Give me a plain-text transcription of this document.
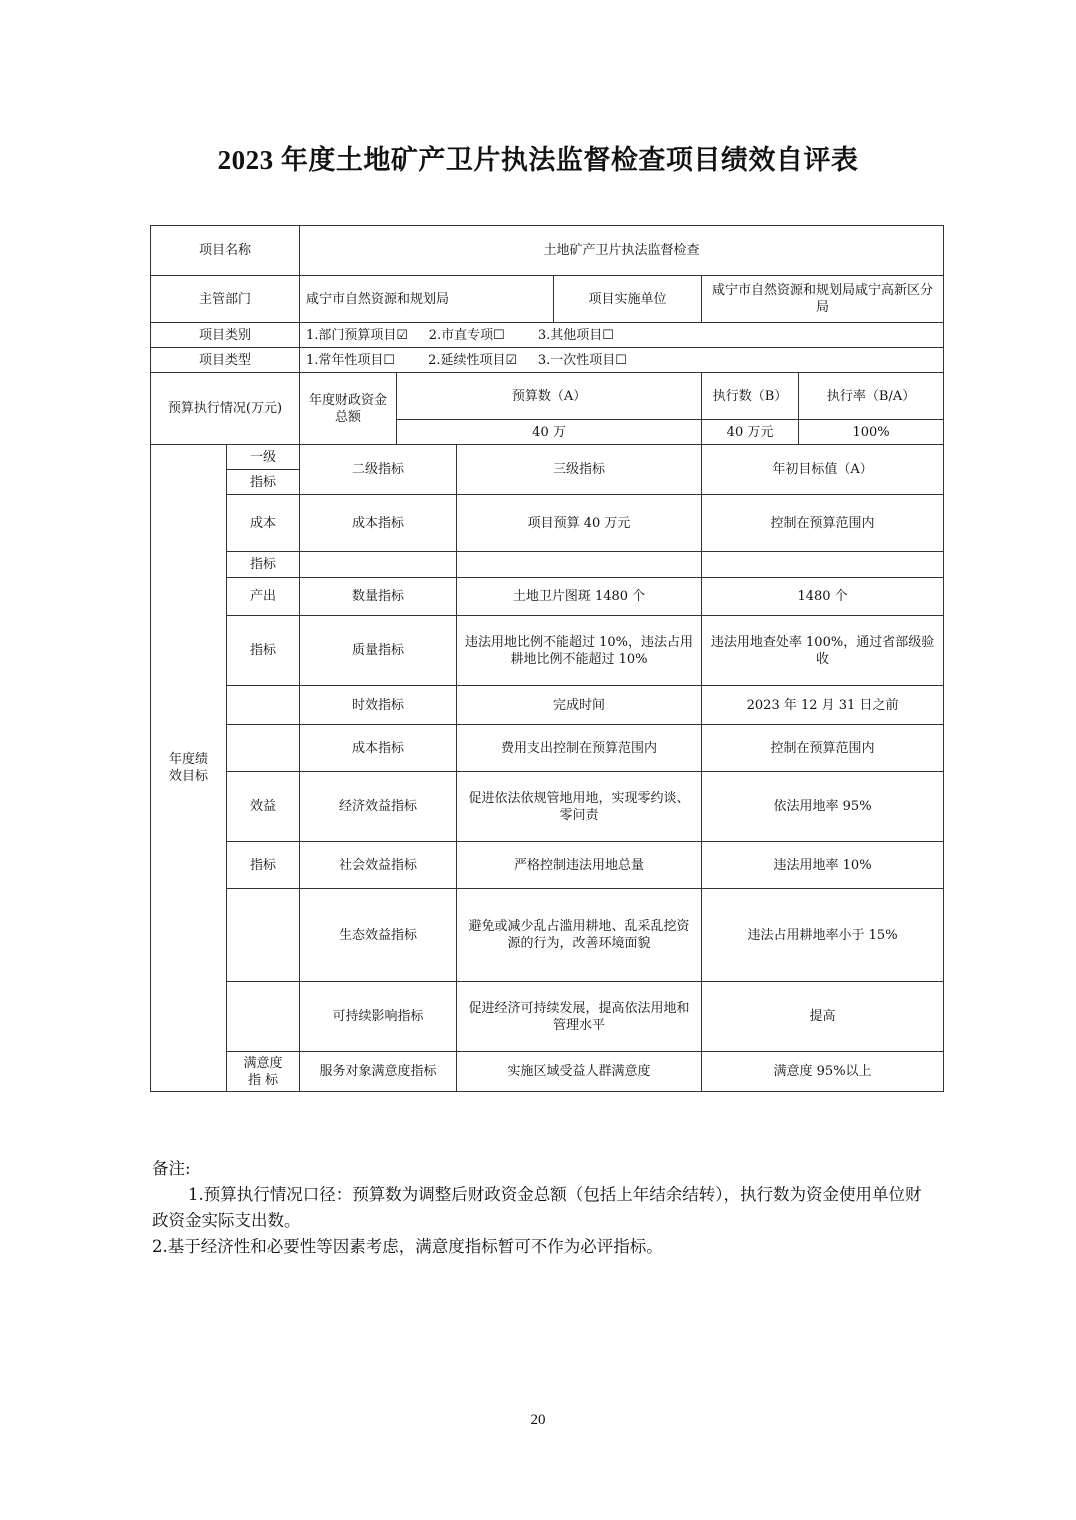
2023 年度土地矿产卫片执法监督检查项目绩效自评表
项目名称		土地矿产卫片执法监督检查					
主管部门		咸宁市自然资源和规划局			项目实施单位	咸宁市自然资源和规划局咸宁高新区分局	
项目类别		1.部门预算项目☑ 2.市直专项☐ 3.其他项目☐					
项目类型		1.常年性项目☐ 2.延续性项目☑ 3.一次性项目☐					
预算执行情况(万元)		年度财政资金总额	预算数（A）			执行数（B）	执行率（B/A）
			40 万			40 万元	100%
年度绩效目标	一级	二级指标		三级指标		年初目标值（A）	
	指标						
	成本	成本指标		项目预算 40 万元		控制在预算范围内	
	指标						
	产出	数量指标		土地卫片图斑 1480 个		1480 个	
	指标	质量指标		违法用地比例不能超过 10%，违法占用耕地比例不能超过 10%		违法用地查处率 100%，通过省部级验收	
		时效指标		完成时间		2023 年 12 月 31 日之前	
		成本指标		费用支出控制在预算范围内		控制在预算范围内	
	效益	经济效益指标		促进依法依规管地用地，实现零约谈、零问责		依法用地率 95%	
	指标	社会效益指标		严格控制违法用地总量		违法用地率 10%	
		生态效益指标		避免或减少乱占滥用耕地、乱采乱挖资源的行为，改善环境面貌		违法占用耕地率小于 15%	
		可持续影响指标		促进经济可持续发展，提高依法用地和管理水平		提高	
	满意度指 标	服务对象满意度指标		实施区域受益人群满意度		满意度 95%以上	

备注:

1.预算执行情况口径：预算数为调整后财政资金总额（包括上年结余结转），执行数为资金使用单位财政资金实际支出数。

2.基于经济性和必要性等因素考虑，满意度指标暂可不作为必评指标。

20
